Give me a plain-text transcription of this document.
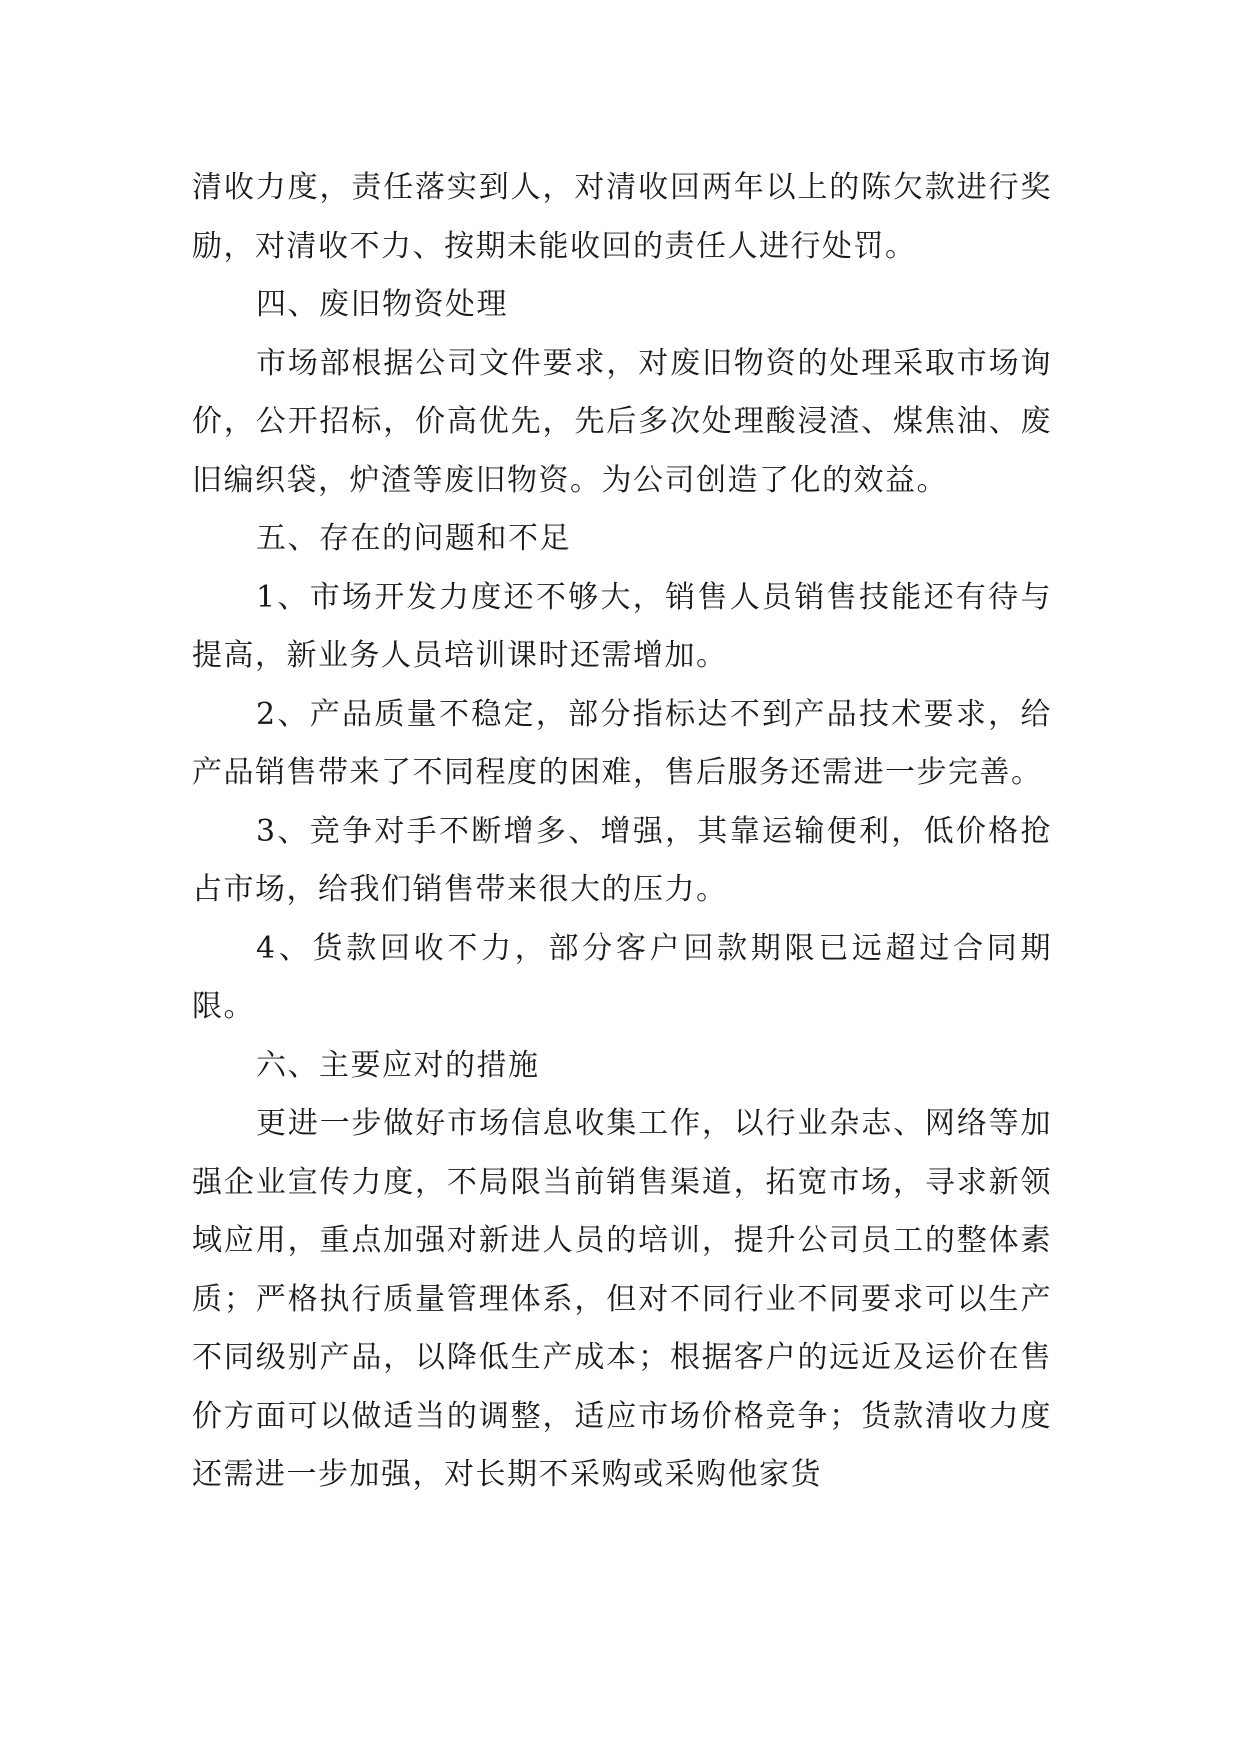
清收力度，责任落实到人，对清收回两年以上的陈欠款进行奖励，对清收不力、按期未能收回的责任人进行处罚。

四、废旧物资处理

市场部根据公司文件要求，对废旧物资的处理采取市场询价，公开招标，价高优先，先后多次处理酸浸渣、煤焦油、废旧编织袋，炉渣等废旧物资。为公司创造了化的效益。

五、存在的问题和不足

1、市场开发力度还不够大，销售人员销售技能还有待与提高，新业务人员培训课时还需增加。

2、产品质量不稳定，部分指标达不到产品技术要求，给产品销售带来了不同程度的困难，售后服务还需进一步完善。

3、竞争对手不断增多、增强，其靠运输便利，低价格抢占市场，给我们销售带来很大的压力。

4、货款回收不力，部分客户回款期限已远超过合同期限。

六、主要应对的措施

更进一步做好市场信息收集工作，以行业杂志、网络等加强企业宣传力度，不局限当前销售渠道，拓宽市场，寻求新领域应用，重点加强对新进人员的培训，提升公司员工的整体素质；严格执行质量管理体系，但对不同行业不同要求可以生产不同级别产品，以降低生产成本；根据客户的远近及运价在售价方面可以做适当的调整，适应市场价格竞争；货款清收力度还需进一步加强，对长期不采购或采购他家货
